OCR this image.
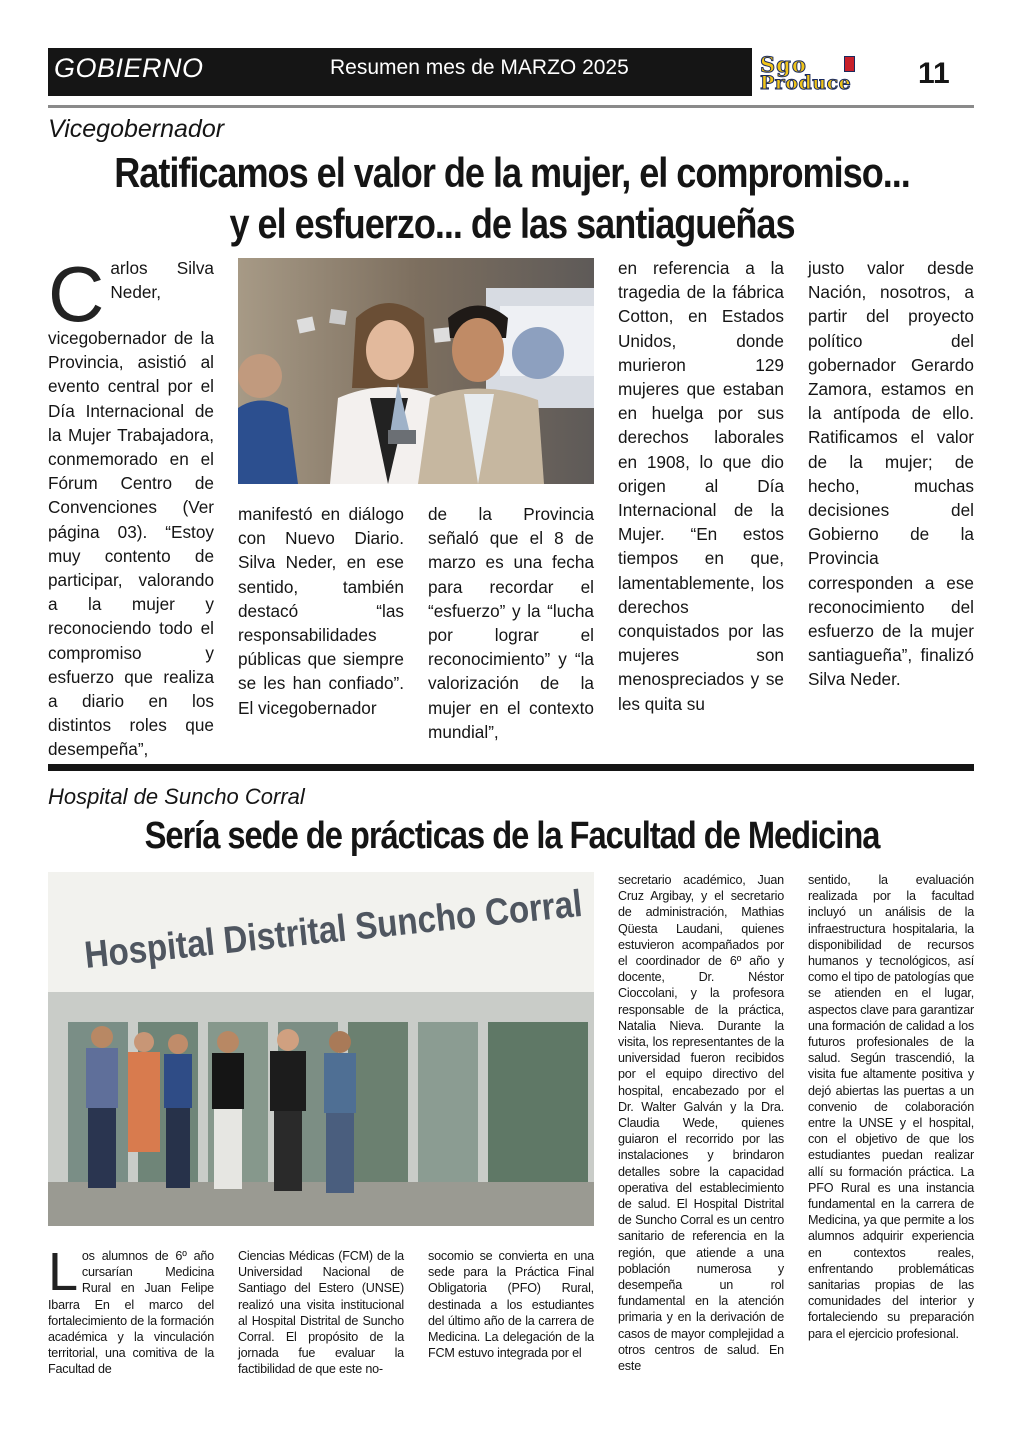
GOBIERNO	Resumen mes de MARZO 2025	Sgo
Produce 11
Vicegobernador
Ratificamos el valor de la mujer, el compromiso...
y el esfuerzo... de las santiagueñas
Carlos Silva Neder, vicegobernador de la Provincia, asistió al evento central por el Día Internacional de la Mujer Trabajadora, conmemorado en el Fórum Centro de Convenciones (Ver página 03). “Estoy muy contento de participar, valorando a la mujer y reconociendo todo el compromiso y esfuerzo que realiza a diario en los distintos roles que desempeña”,
manifestó en diálogo con Nuevo Diario. Silva Neder, en ese sentido, también destacó “las responsabilidades públicas que siempre se les han confiado”. El vicegobernador
de la Provincia señaló que el 8 de marzo es una fecha para recordar el “esfuerzo” y la “lucha por lograr el reconocimiento” y “la valorización de la mujer en el contexto mundial”,
en referencia a la tragedia de la fábrica Cotton, en Estados Unidos, donde murieron 129 mujeres que estaban en huelga por sus derechos laborales en 1908, lo que dio origen al Día Internacional de la Mujer. “En estos tiempos en que, lamentablemente, los derechos conquistados por las mujeres son menospreciados y se les quita su
justo valor desde Nación, nosotros, a partir del proyecto político del gobernador Gerardo Zamora, estamos en la antípoda de ello. Ratificamos el valor de la mujer; de hecho, muchas decisiones del Gobierno de la Provincia corresponden a ese reconocimiento del esfuerzo de la mujer santiagueña”, finalizó Silva Neder.
Hospital de Suncho Corral
Sería sede de prácticas de la Facultad de Medicina
Hospital Distrital Suncho Corral
Los alumnos de 6º año cursarían Medicina Rural en Juan Felipe Ibarra En el marco del fortalecimiento de la formación académica y la vinculación territorial, una comitiva de la Facultad de
Ciencias Médicas (FCM) de la Universidad Nacional de Santiago del Estero (UNSE) realizó una visita institucional al Hospital Distrital de Suncho Corral. El propósito de la jornada fue evaluar la factibilidad de que este no-
socomio se convierta en una sede para la Práctica Final Obligatoria (PFO) Rural, destinada a los estudiantes del último año de la carrera de Medicina. La delegación de la FCM estuvo integrada por el
secretario académico, Juan Cruz Argibay, y el secretario de administración, Mathias Qüesta Laudani, quienes estuvieron acompañados por el coordinador de 6º año y docente, Dr. Néstor Cioccolani, y la profesora responsable de la práctica, Natalia Nieva. Durante la visita, los representantes de la universidad fueron recibidos por el equipo directivo del hospital, encabezado por el Dr. Walter Galván y la Dra. Claudia Wede, quienes guiaron el recorrido por las instalaciones y brindaron detalles sobre la capacidad operativa del establecimiento de salud. El Hospital Distrital de Suncho Corral es un centro sanitario de referencia en la región, que atiende a una población numerosa y desempeña un rol fundamental en la atención primaria y en la derivación de casos de mayor complejidad a otros centros de salud. En este
sentido, la evaluación realizada por la facultad incluyó un análisis de la infraestructura hospitalaria, la disponibilidad de recursos humanos y tecnológicos, así como el tipo de patologías que se atienden en el lugar, aspectos clave para garantizar una formación de calidad a los futuros profesionales de la salud. Según trascendió, la visita fue altamente positiva y dejó abiertas las puertas a un convenio de colaboración entre la UNSE y el hospital, con el objetivo de que los estudiantes puedan realizar allí su formación práctica. La PFO Rural es una instancia fundamental en la carrera de Medicina, ya que permite a los alumnos adquirir experiencia en contextos reales, enfrentando problemáticas sanitarias propias de las comunidades del interior y fortaleciendo su preparación para el ejercicio profesional.
